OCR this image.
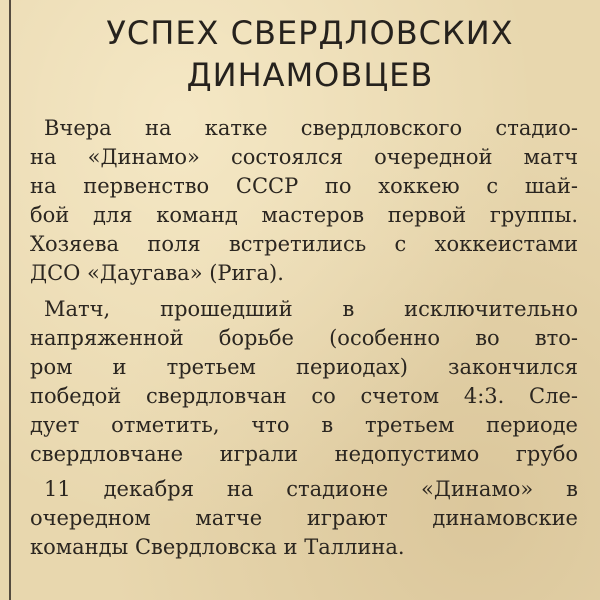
УСПЕХ СВЕРДЛОВСКИХ
ДИНАМОВЦЕВ
Вчера на катке свердловского стадио-
на «Динамо» состоялся очередной матч
на первенство СССР по хоккею с шай-
бой для команд мастеров первой группы.
Хозяева поля встретились с хоккеистами
ДСО «Даугава» (Рига).
Матч, прошедший в исключительно
напряженной борьбе (особенно во вто-
ром и третьем периодах) закончился
победой свердловчан со счетом 4:3. Сле-
дует отметить, что в третьем периоде
свердловчане играли недопустимо грубо
11 декабря на стадионе «Динамо» в
очередном матче играют динамовские
команды Свердловска и Таллина.
